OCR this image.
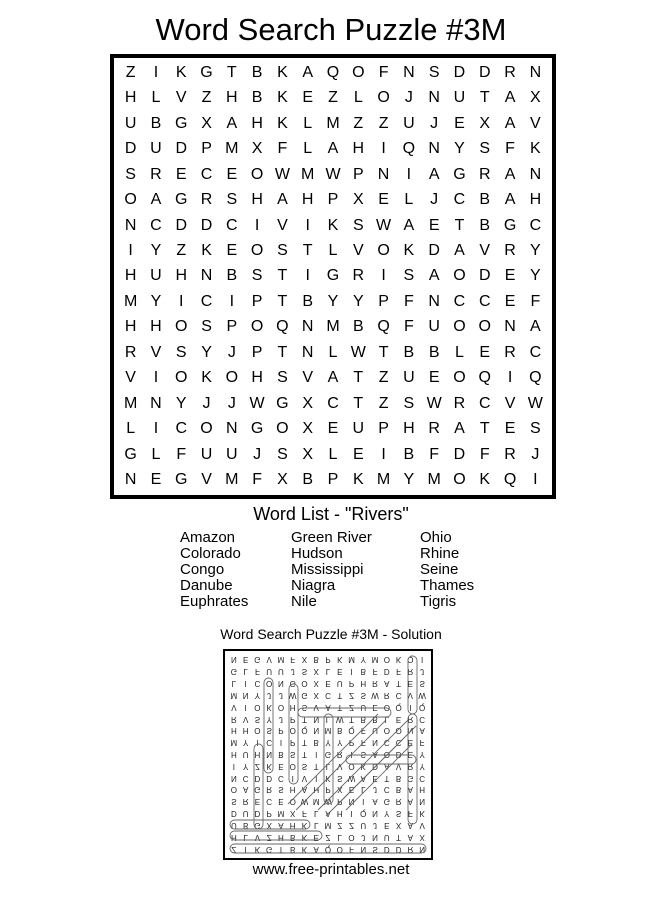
Word Search Puzzle #3M
Z	I	K G T B K A Q O F N S D D R N
H L V Z H B K E Z L O J N U T A X
U B G X A H K L M Z Z U J E X A V
D U D P M X F L A H	I	Q N Y S F K
S R E C E O W M W P N	I	A G R A N
O A G R S H A H P X E L	J C B A H
N C D D C	I	V	I	K S W A E T B G C
I	Y Z K E O S T L V O K D A V R Y
H U H N B S T	I	G R	I	S A O D E Y
M Y	I	C	I	P T B Y Y P F N C C E F
H H O S P O Q N M B Q F U O O N A
R V S Y J P T N L W T B B L E R C
V	I	O K O H S V A T Z U E O Q	I	Q
M N Y J	J W G X C T Z S W R C V W
L	I	C O N G O X E U P H R A T E S
G L F U U J S X L E	I	B F D F R J
N E G V M F X B P K M Y M O K Q	I
Word List - "Rivers"
Amazon
Colorado
Congo
Danube
Euphrates
Green River
Hudson
Mississippi
Niagra
Nile
Ohio
Rhine
Seine
Thames
Tigris
Word Search Puzzle #3M - Solution
Z	I K G T B K A Q O F N S D D R N
H L V Z H B K E Z L O J N U T A X
U B G X A H K L M Z Z U J E X A V
D U D P M X F L A H I Q N Y S F K
S R E C E O W M W P N I A G R A N
O A G R S H A H P X E L J C B A H
N C D D C I V I K S W A E T B G C
I Y Z K E O S T L V O K D A V R Y
H U H N B S T	I G R I S A O D E Y
M Y I C I P T B Y Y P F N C C E F
H H O S P O Q N M B Q F U O O N A
R V S Y J P T N L W T B B L E R C
V I O K O H S V A T Z U E O Q I Q
M N Y J J W G X C T Z S W R C V W
L	I C O N G O X E U P H R A T E S
G L F U U J S X L E I B F D F R J
N E G V M F X B P K M Y M O K Q I
www.free-printables.net
